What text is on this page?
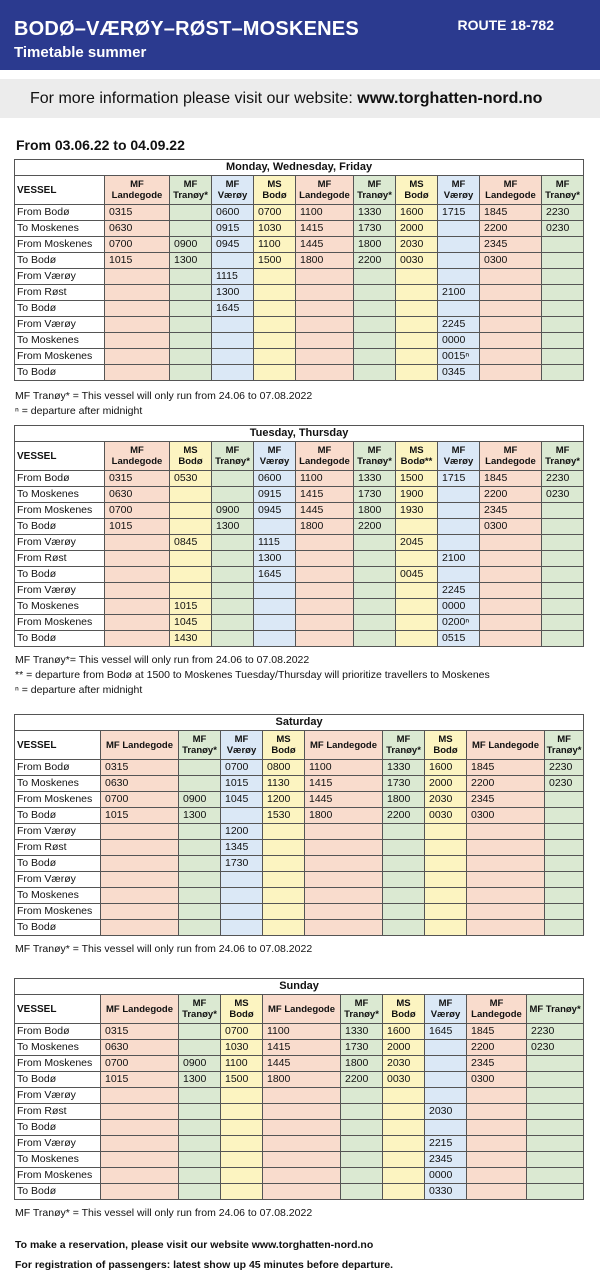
BODØ–VÆRØY–RØST–MOSKENES
Timetable summer
ROUTE 18-782
For more information please visit our website: www.torghatten-nord.no
From 03.06.22 to 04.09.22
Monday, Wednesday, Friday										
VESSEL	MF Landegode	MF Tranøy*	MF Værøy	MS Bodø	MF Landegode	MF Tranøy*	MS Bodø	MF Værøy	MF Landegode	MF Tranøy*
From Bodø	0315		0600	0700	1100	1330	1600	1715	1845	2230
To Moskenes	0630		0915	1030	1415	1730	2000		2200	0230
From Moskenes	0700	0900	0945	1100	1445	1800	2030		2345	
To Bodø	1015	1300		1500	1800	2200	0030		0300	
From Værøy			1115							
From Røst			1300					2100		
To Bodø			1645							
From Værøy								2245		
To Moskenes								0000		
From Moskenes								0015ⁿ		
To Bodø								0345		
MF Tranøy* = This vessel will only run from 24.06 to 07.08.2022
ⁿ = departure after midnight
Tuesday, Thursday										
VESSEL	MF Landegode	MS Bodø	MF Tranøy*	MF Værøy	MF Landegode	MF Tranøy*	MS Bodø**	MF Værøy	MF Landegode	MF Tranøy*
From Bodø	0315	0530		0600	1100	1330	1500	1715	1845	2230
To Moskenes	0630			0915	1415	1730	1900		2200	0230
From Moskenes	0700		0900	0945	1445	1800	1930		2345	
To Bodø	1015		1300		1800	2200			0300	
From Værøy		0845		1115			2045			
From Røst				1300				2100		
To Bodø				1645			0045			
From Værøy								2245		
To Moskenes		1015						0000		
From Moskenes		1045						0200ⁿ		
To Bodø		1430						0515		
MF Tranøy*= This vessel will only run from 24.06 to 07.08.2022
** = departure from Bodø at 1500 to Moskenes Tuesday/Thursday will prioritize travellers to Moskenes
ⁿ = departure after midnight
Saturday									
VESSEL	MF Landegode	MF Tranøy*	MF Værøy	MS Bodø	MF Landegode	MF Tranøy*	MS Bodø	MF Landegode	MF Tranøy*
From Bodø	0315		0700	0800	1100	1330	1600	1845	2230
To Moskenes	0630		1015	1130	1415	1730	2000	2200	0230
From Moskenes	0700	0900	1045	1200	1445	1800	2030	2345	
To Bodø	1015	1300		1530	1800	2200	0030	0300	
From Værøy			1200						
From Røst			1345						
To Bodø			1730						
From Værøy									
To Moskenes									
From Moskenes									
To Bodø									
MF Tranøy* = This vessel will only run from 24.06 to 07.08.2022
Sunday									
VESSEL	MF Landegode	MF Tranøy*	MS Bodø	MF Landegode	MF Tranøy*	MS Bodø	MF Værøy	MF Landegode	MF Tranøy*
From Bodø	0315		0700	1100	1330	1600	1645	1845	2230
To Moskenes	0630		1030	1415	1730	2000		2200	0230
From Moskenes	0700	0900	1100	1445	1800	2030		2345	
To Bodø	1015	1300	1500	1800	2200	0030		0300	
From Værøy									
From Røst							2030		
To Bodø									
From Værøy							2215		
To Moskenes							2345		
From Moskenes							0000		
To Bodø							0330		
MF Tranøy* = This vessel will only run from 24.06 to 07.08.2022
To make a reservation, please visit our website www.torghatten-nord.no
For registration of passengers: latest show up 45 minutes before departure.
